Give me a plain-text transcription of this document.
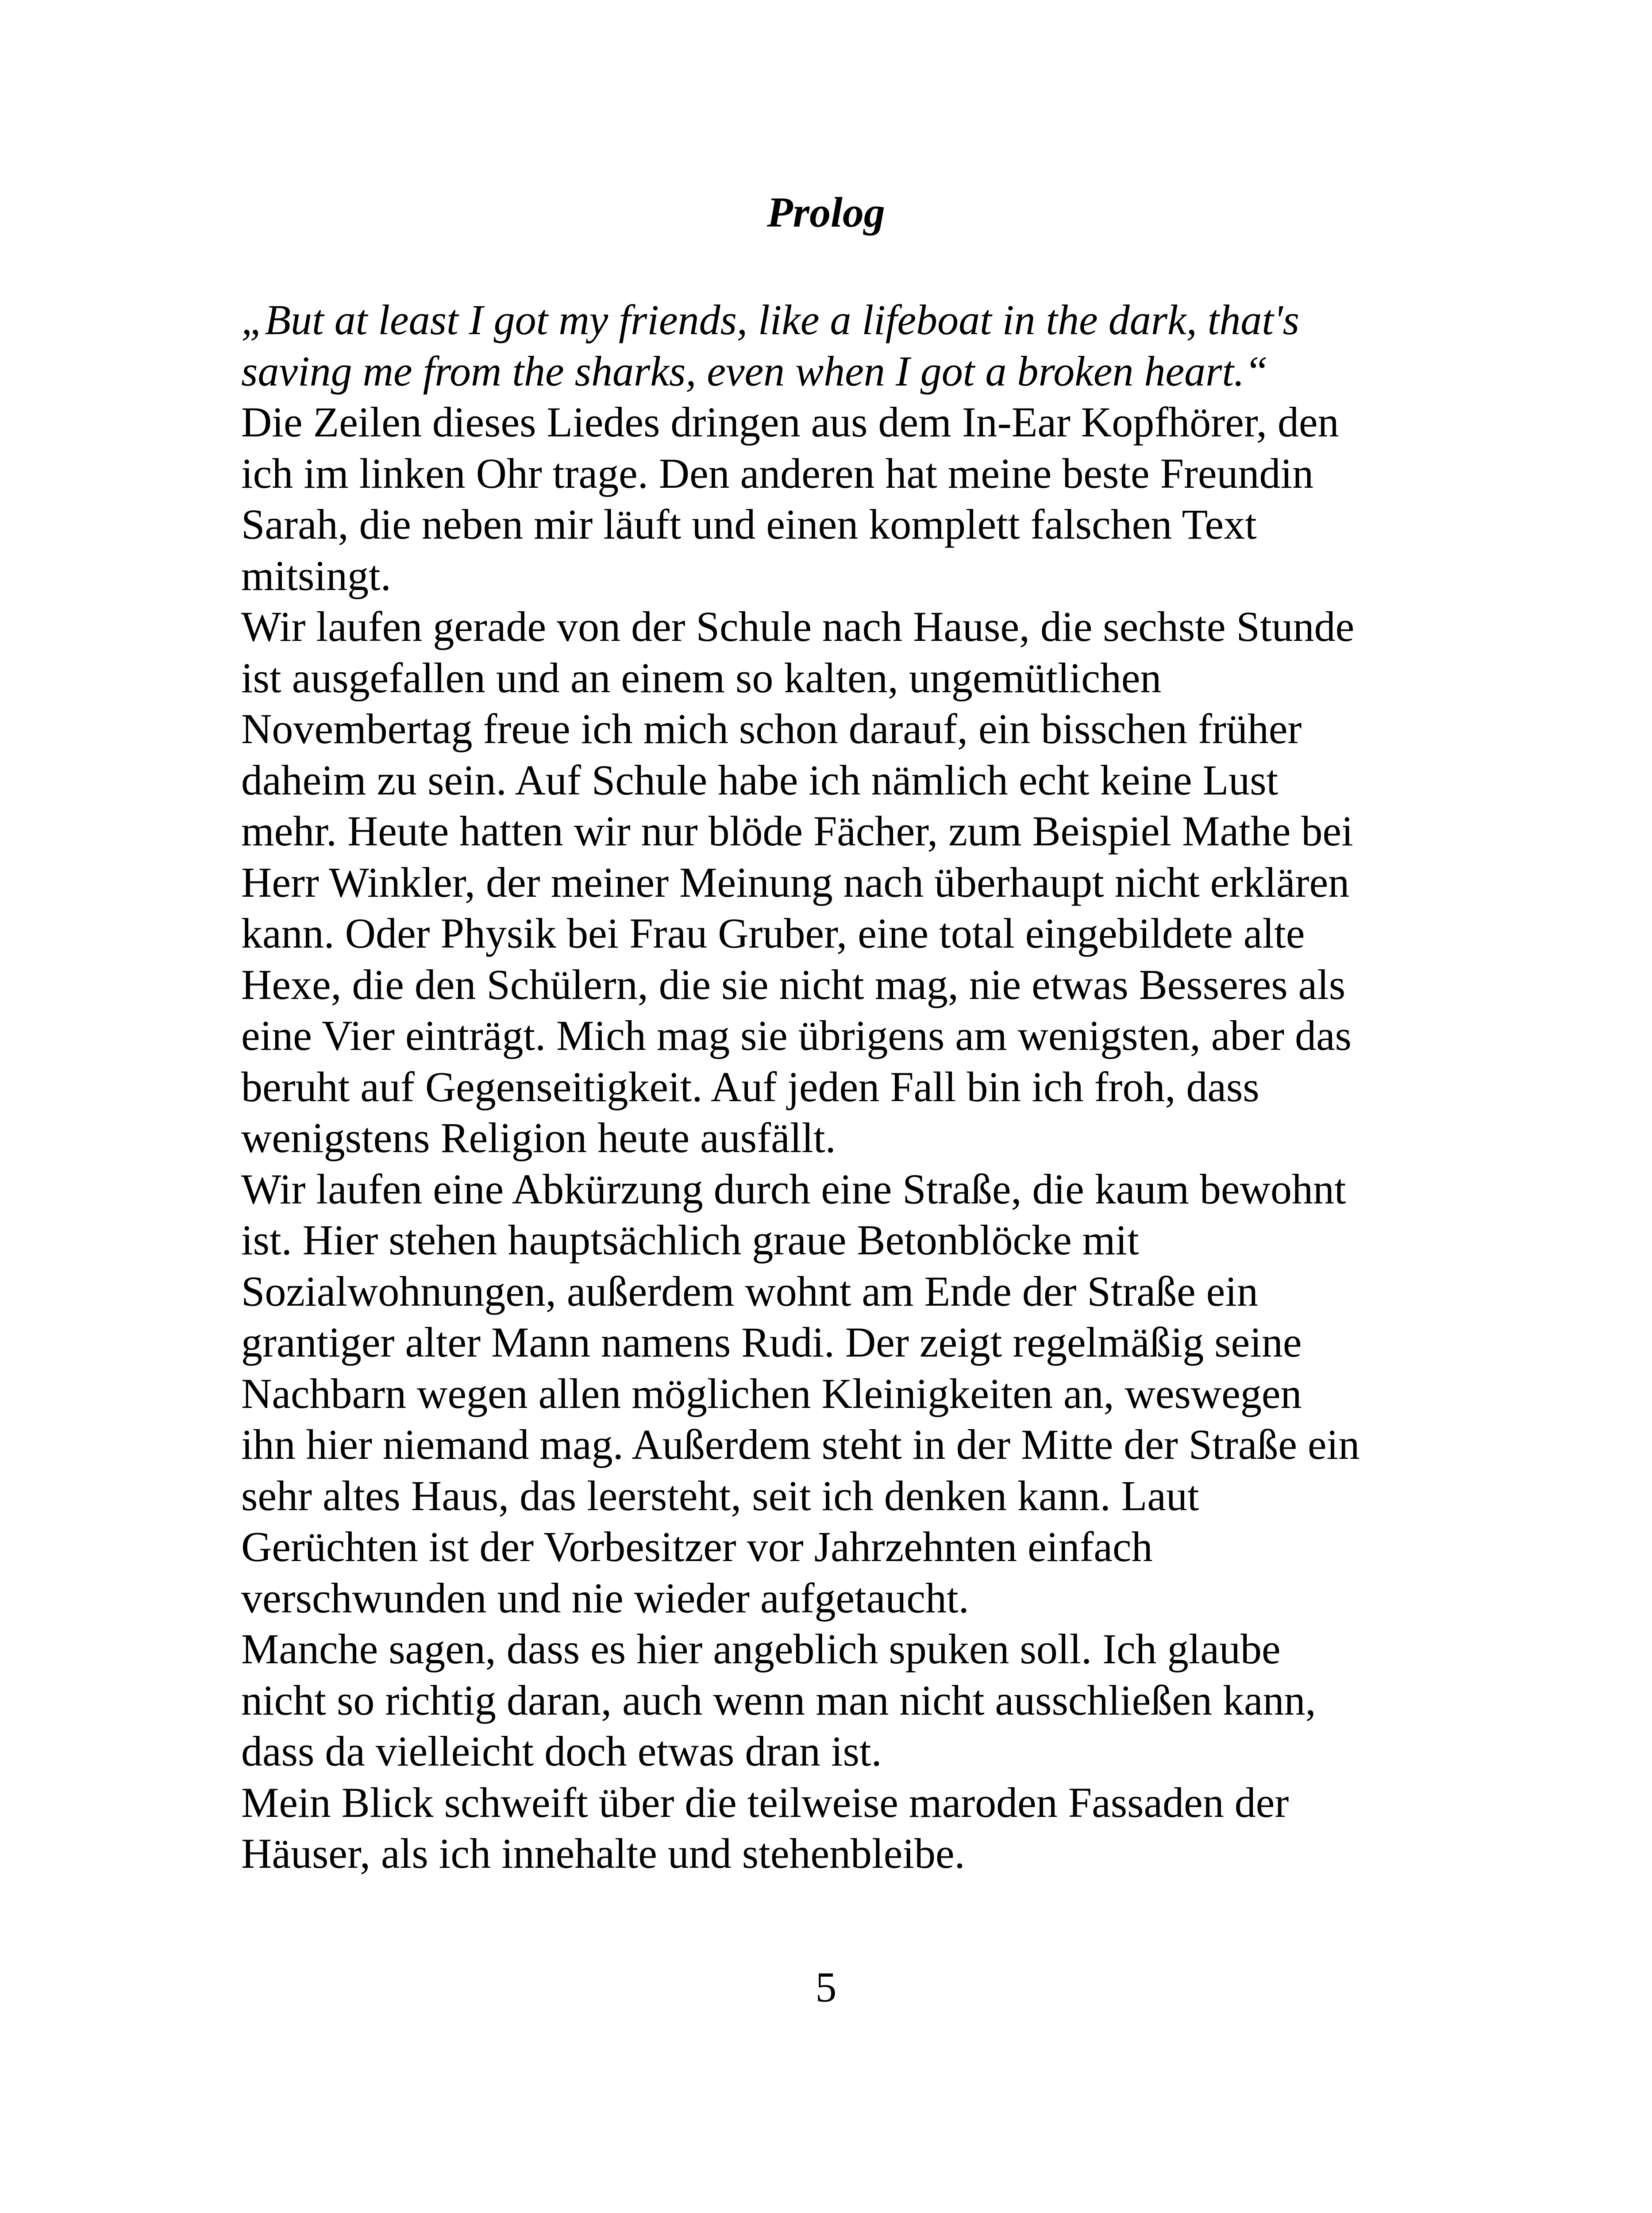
Prolog
„But at least I got my friends, like a lifeboat in the dark, that's
saving me from the sharks, even when I got a broken heart.“
Die Zeilen dieses Liedes dringen aus dem In-Ear Kopfhörer, den
ich im linken Ohr trage. Den anderen hat meine beste Freundin
Sarah, die neben mir läuft und einen komplett falschen Text
mitsingt.
Wir laufen gerade von der Schule nach Hause, die sechste Stunde
ist ausgefallen und an einem so kalten, ungemütlichen
Novembertag freue ich mich schon darauf, ein bisschen früher
daheim zu sein. Auf Schule habe ich nämlich echt keine Lust
mehr. Heute hatten wir nur blöde Fächer, zum Beispiel Mathe bei
Herr Winkler, der meiner Meinung nach überhaupt nicht erklären
kann. Oder Physik bei Frau Gruber, eine total eingebildete alte
Hexe, die den Schülern, die sie nicht mag, nie etwas Besseres als
eine Vier einträgt. Mich mag sie übrigens am wenigsten, aber das
beruht auf Gegenseitigkeit. Auf jeden Fall bin ich froh, dass
wenigstens Religion heute ausfällt.
Wir laufen eine Abkürzung durch eine Straße, die kaum bewohnt
ist. Hier stehen hauptsächlich graue Betonblöcke mit
Sozialwohnungen, außerdem wohnt am Ende der Straße ein
grantiger alter Mann namens Rudi. Der zeigt regelmäßig seine
Nachbarn wegen allen möglichen Kleinigkeiten an, weswegen
ihn hier niemand mag. Außerdem steht in der Mitte der Straße ein
sehr altes Haus, das leersteht, seit ich denken kann. Laut
Gerüchten ist der Vorbesitzer vor Jahrzehnten einfach
verschwunden und nie wieder aufgetaucht.
Manche sagen, dass es hier angeblich spuken soll. Ich glaube
nicht so richtig daran, auch wenn man nicht ausschließen kann,
dass da vielleicht doch etwas dran ist.
Mein Blick schweift über die teilweise maroden Fassaden der
Häuser, als ich innehalte und stehenbleibe.
5
